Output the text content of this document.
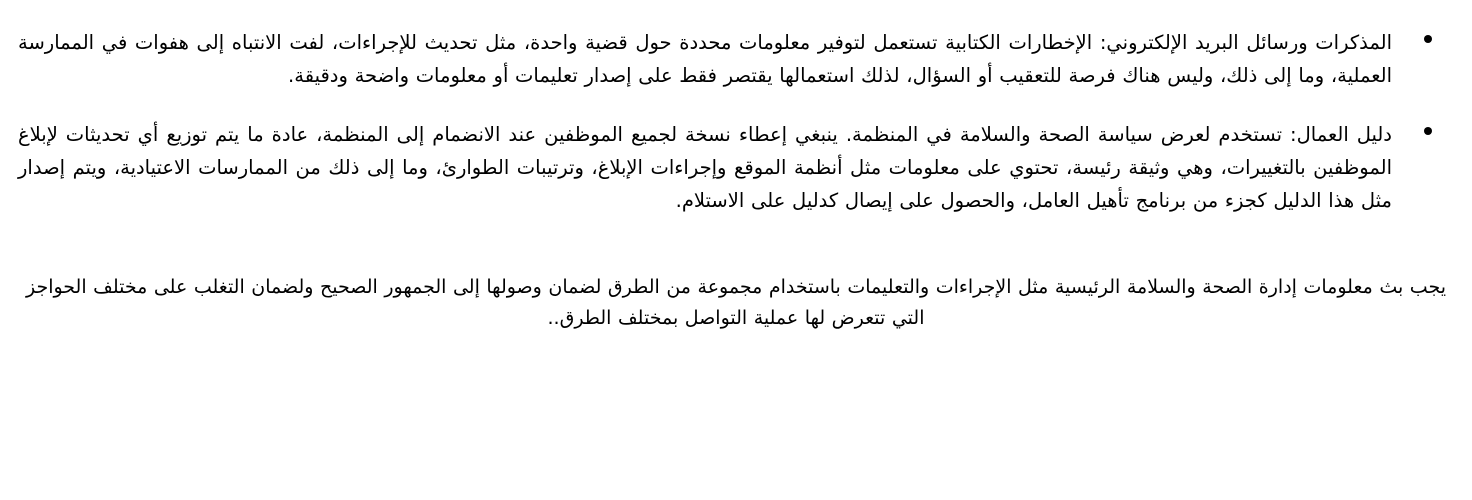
المذكرات ورسائل البريد الإلكتروني: الإخطارات الكتابية تستعمل لتوفير معلومات محددة حول قضية واحدة، مثل تحديث للإجراءات، لفت الانتباه إلى هفوات في الممارسة العملية، وما إلى ذلك، وليس هناك فرصة للتعقيب أو السؤال، لذلك استعمالها يقتصر فقط على إصدار تعليمات أو معلومات واضحة ودقيقة.

دليل العمال: تستخدم لعرض سياسة الصحة والسلامة في المنظمة. ينبغي إعطاء نسخة لجميع الموظفين عند الانضمام إلى المنظمة، عادة ما يتم توزيع أي تحديثات لإبلاغ الموظفين بالتغييرات، وهي وثيقة رئيسة، تحتوي على معلومات مثل أنظمة الموقع وإجراءات الإبلاغ، وترتيبات الطوارئ، وما إلى ذلك من الممارسات الاعتيادية، ويتم إصدار مثل هذا الدليل كجزء من برنامج تأهيل العامل، والحصول على إيصال كدليل على الاستلام.

يجب بث معلومات إدارة الصحة والسلامة الرئيسية مثل الإجراءات والتعليمات باستخدام مجموعة من الطرق لضمان وصولها إلى الجمهور الصحيح ولضمان التغلب على مختلف الحواجز التي تتعرض لها عملية التواصل بمختلف الطرق..
